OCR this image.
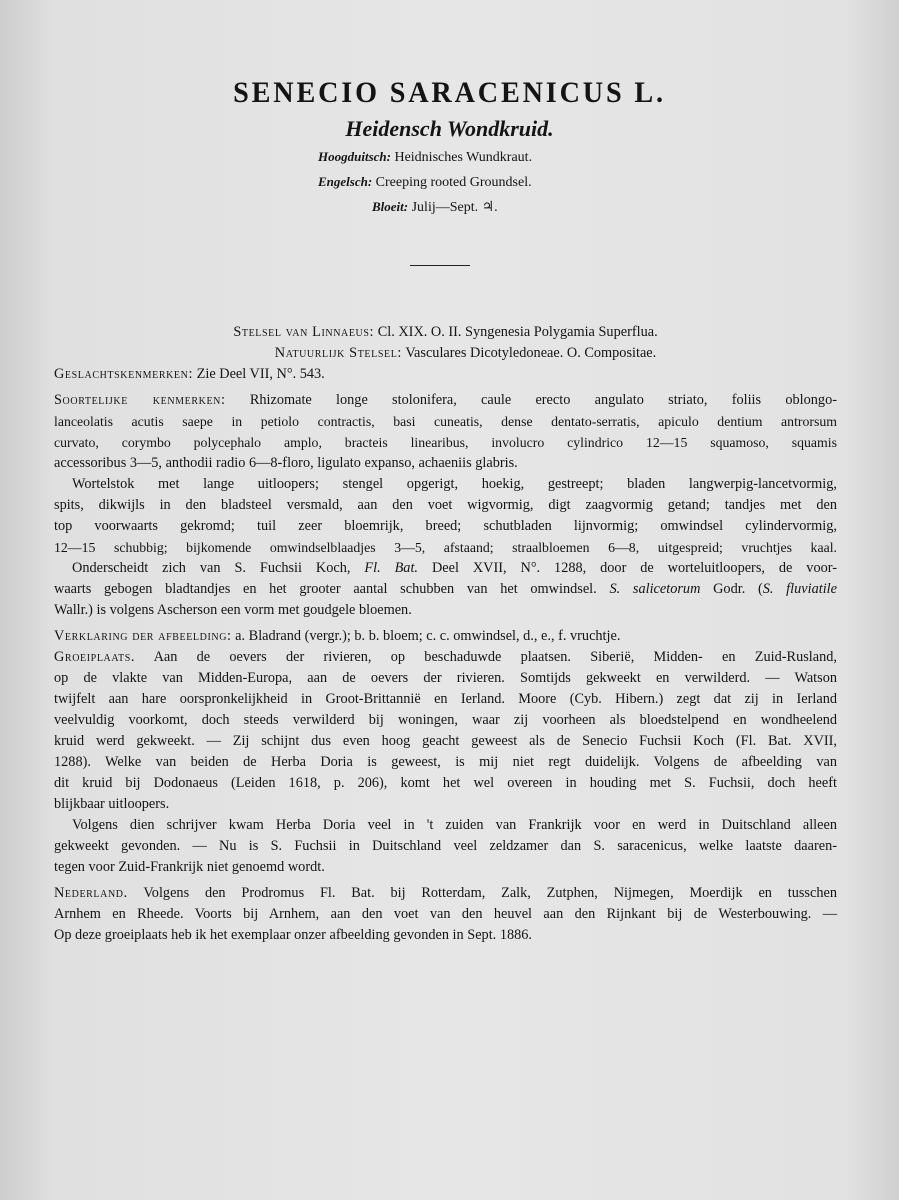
SENECIO SARACENICUS L.
Heidensch Wondkruid.
Hoogduitsch: Heidnisches Wundkraut.
Engelsch: Creeping rooted Groundsel.
Bloeit: Julij—Sept. ♃.
Stelsel van Linnaeus: Cl. XIX. O. II. Syngenesia Polygamia Superflua.
Natuurlijk Stelsel: Vasculares Dicotyledoneae. O. Compositae.
Geslachtskenmerken: Zie Deel VII, N°. 543.
Soortelijke kenmerken: Rhizomate longe stolonifera, caule erecto angulato striato, foliis oblongo-
lanceolatis acutis saepe in petiolo contractis, basi cuneatis, dense dentato-serratis, apiculo dentium antrorsum
curvato, corymbo polycephalo amplo, bracteis linearibus, involucro cylindrico 12—15 squamoso, squamis
accessoribus 3—5, anthodii radio 6—8-floro, ligulato expanso, achaeniis glabris.
Wortelstok met lange uitloopers; stengel opgerigt, hoekig, gestreept; bladen langwerpig-lancetvormig,
spits, dikwijls in den bladsteel versmald, aan den voet wigvormig, digt zaagvormig getand; tandjes met den
top voorwaarts gekromd; tuil zeer bloemrijk, breed; schutbladen lijnvormig; omwindsel cylindervormig,
12—15 schubbig; bijkomende omwindselblaadjes 3—5, afstaand; straalbloemen 6—8, uitgespreid; vruchtjes kaal.
Onderscheidt zich van S. Fuchsii Koch, Fl. Bat. Deel XVII, N°. 1288, door de worteluitloopers, de voor-
waarts gebogen bladtandjes en het grooter aantal schubben van het omwindsel. S. salicetorum Godr. (S. fluviatile
Wallr.) is volgens Ascherson een vorm met goudgele bloemen.
Verklaring der afbeelding: a. Bladrand (vergr.); b. b. bloem; c. c. omwindsel, d., e., f. vruchtje.
Groeiplaats. Aan de oevers der rivieren, op beschaduwde plaatsen. Siberië, Midden- en Zuid-Rusland,
op de vlakte van Midden-Europa, aan de oevers der rivieren. Somtijds gekweekt en verwilderd. — Watson
twijfelt aan hare oorspronkelijkheid in Groot-Brittannië en Ierland. Moore (Cyb. Hibern.) zegt dat zij in Ierland
veelvuldig voorkomt, doch steeds verwilderd bij woningen, waar zij voorheen als bloedstelpend en wondheelend
kruid werd gekweekt. — Zij schijnt dus even hoog geacht geweest als de Senecio Fuchsii Koch (Fl. Bat. XVII,
1288). Welke van beiden de Herba Doria is geweest, is mij niet regt duidelijk. Volgens de afbeelding van
dit kruid bij Dodonaeus (Leiden 1618, p. 206), komt het wel overeen in houding met S. Fuchsii, doch heeft
blijkbaar uitloopers.
Volgens dien schrijver kwam Herba Doria veel in 't zuiden van Frankrijk voor en werd in Duitschland alleen
gekweekt gevonden. — Nu is S. Fuchsii in Duitschland veel zeldzamer dan S. saracenicus, welke laatste daaren-
tegen voor Zuid-Frankrijk niet genoemd wordt.
Nederland. Volgens den Prodromus Fl. Bat. bij Rotterdam, Zalk, Zutphen, Nijmegen, Moerdijk en tusschen
Arnhem en Rheede. Voorts bij Arnhem, aan den voet van den heuvel aan den Rijnkant bij de Westerbouwing. —
Op deze groeiplaats heb ik het exemplaar onzer afbeelding gevonden in Sept. 1886.
